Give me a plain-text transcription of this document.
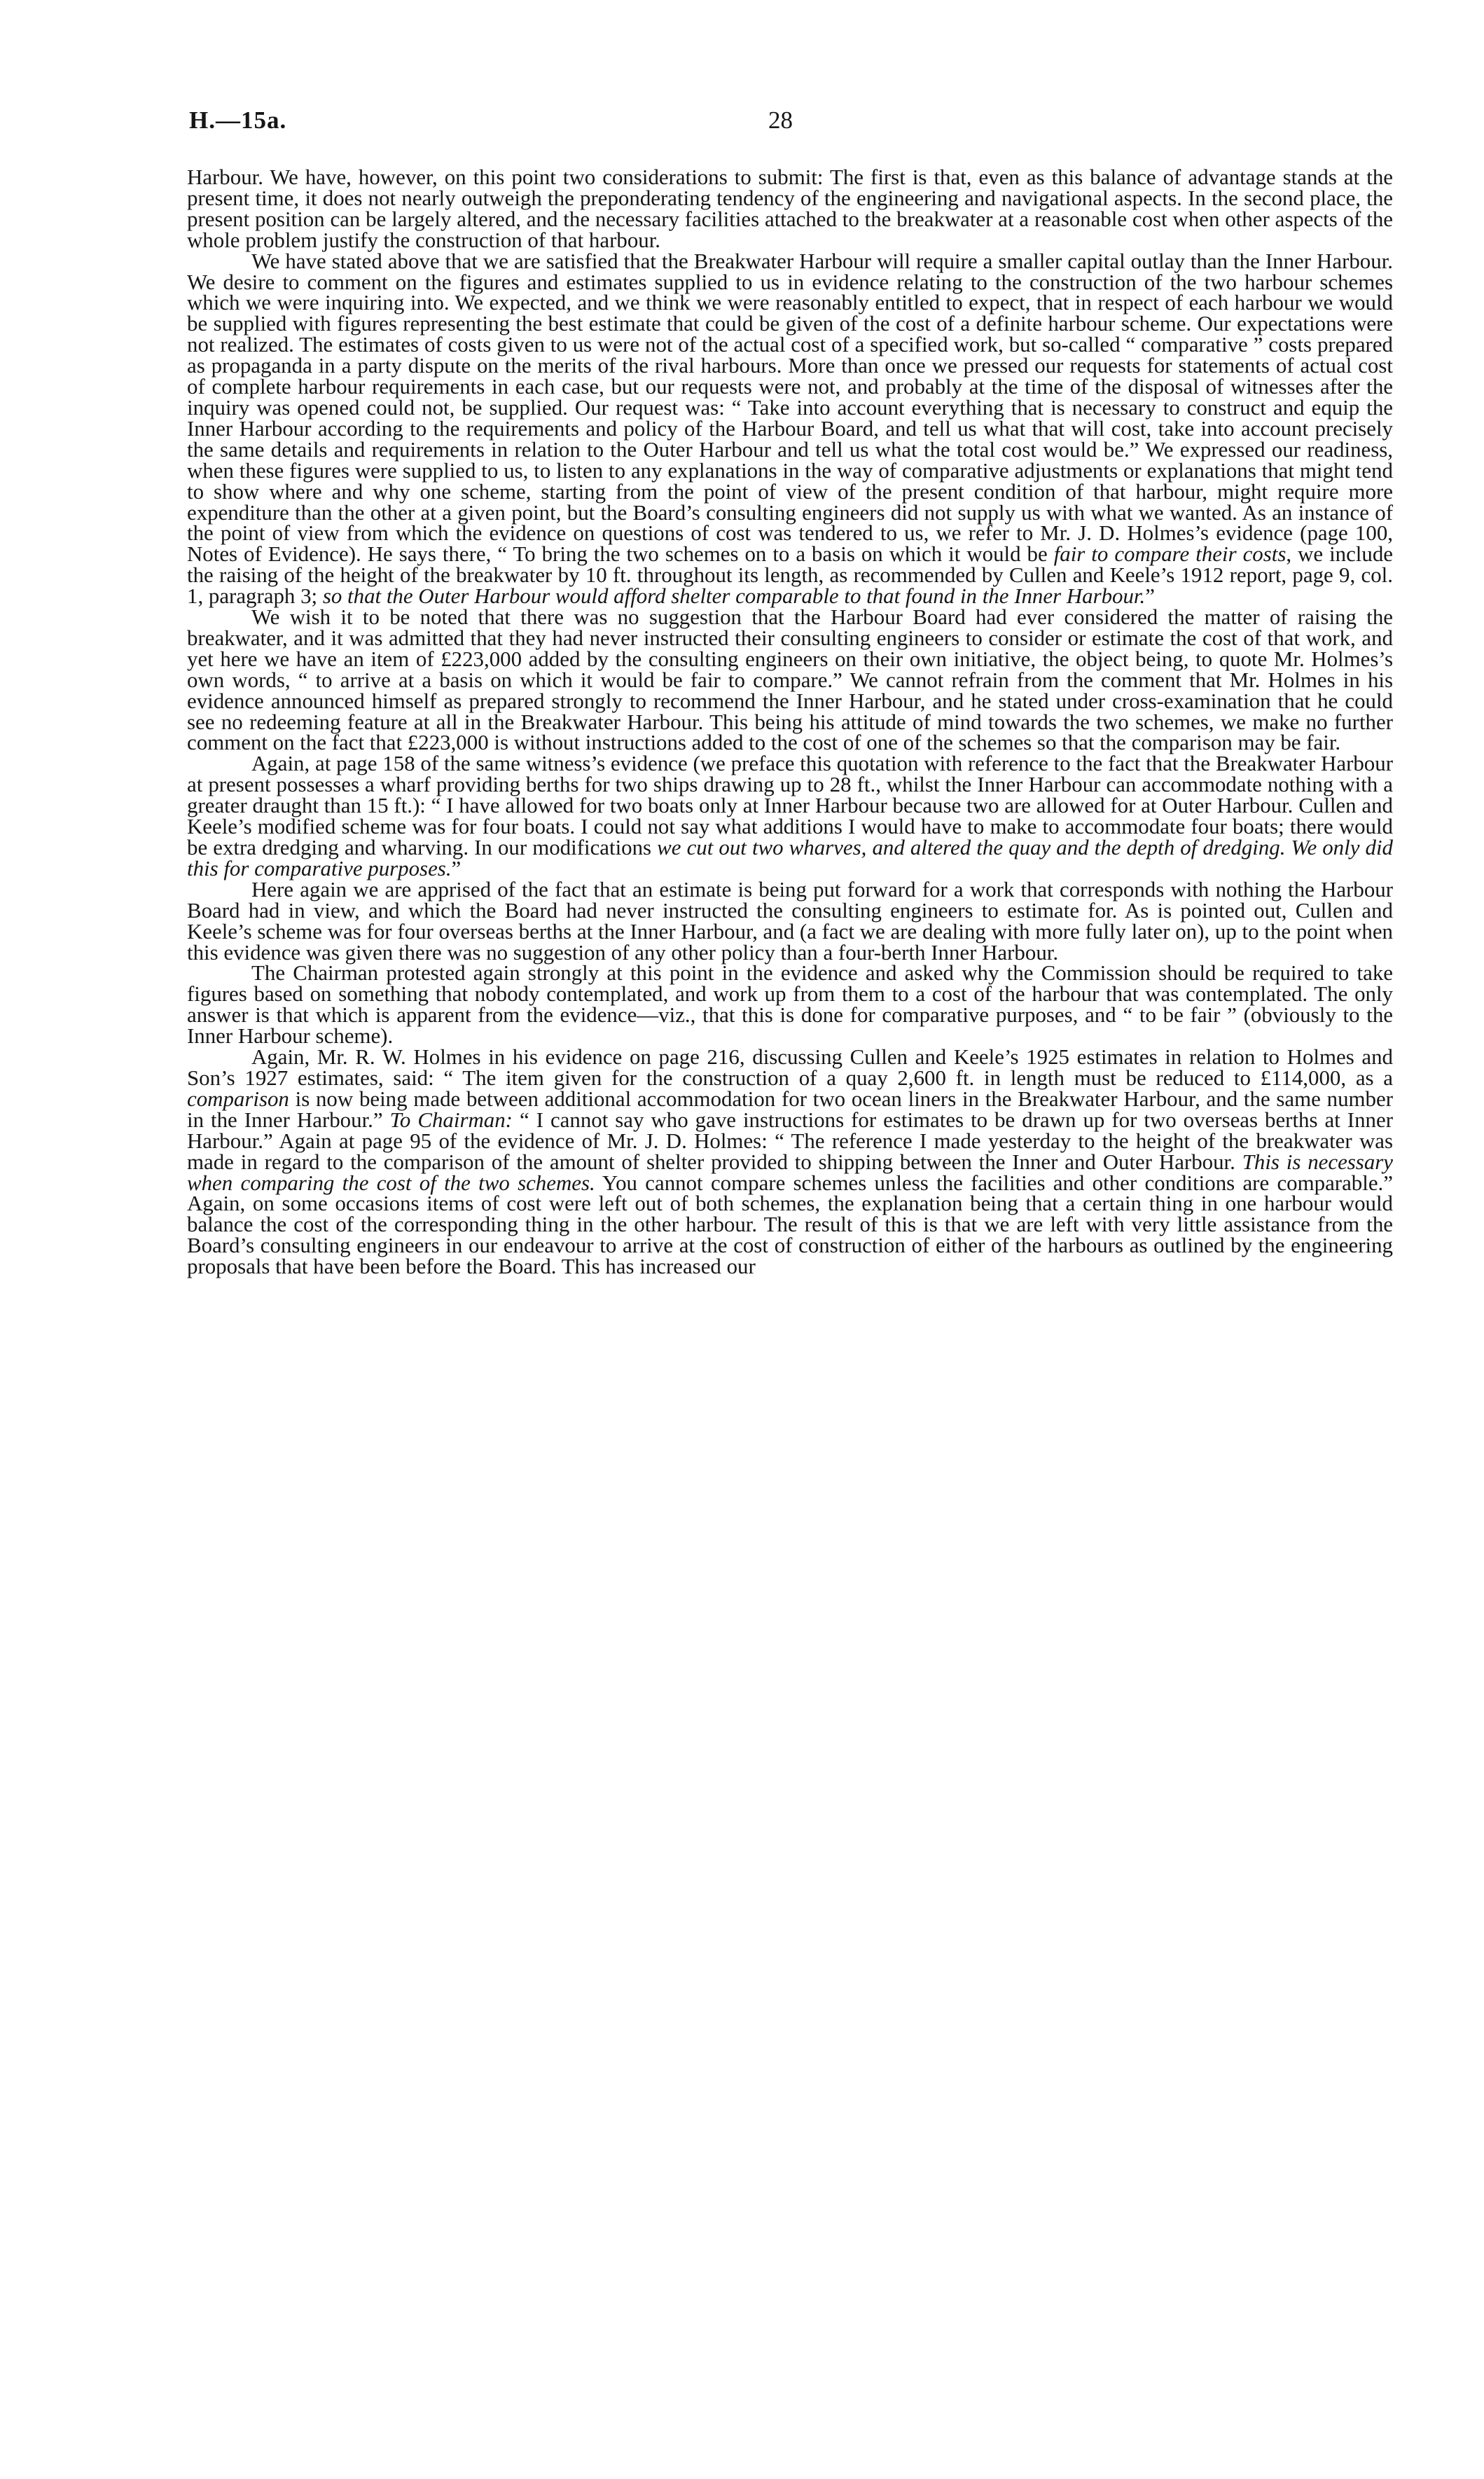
H.—15a.	28

Harbour. We have, however, on this point two considerations to submit: The first is that, even as this balance of advantage stands at the present time, it does not nearly outweigh the preponderating tendency of the engineering and navigational aspects. In the second place, the present position can be largely altered, and the necessary facilities attached to the breakwater at a reasonable cost when other aspects of the whole problem justify the construction of that harbour.

We have stated above that we are satisfied that the Breakwater Harbour will require a smaller capital outlay than the Inner Harbour. We desire to comment on the figures and estimates supplied to us in evidence relating to the construction of the two harbour schemes which we were inquiring into. We expected, and we think we were reasonably entitled to expect, that in respect of each harbour we would be supplied with figures representing the best estimate that could be given of the cost of a definite harbour scheme. Our expectations were not realized. The estimates of costs given to us were not of the actual cost of a specified work, but so-called “ comparative ” costs prepared as propaganda in a party dispute on the merits of the rival harbours. More than once we pressed our requests for statements of actual cost of complete harbour requirements in each case, but our requests were not, and probably at the time of the disposal of witnesses after the inquiry was opened could not, be supplied. Our request was: “ Take into account everything that is necessary to construct and equip the Inner Harbour according to the requirements and policy of the Harbour Board, and tell us what that will cost, take into account precisely the same details and requirements in relation to the Outer Harbour and tell us what the total cost would be.” We expressed our readiness, when these figures were supplied to us, to listen to any explanations in the way of comparative adjustments or explanations that might tend to show where and why one scheme, starting from the point of view of the present condition of that harbour, might require more expenditure than the other at a given point, but the Board’s consulting engineers did not supply us with what we wanted. As an instance of the point of view from which the evidence on questions of cost was tendered to us, we refer to Mr. J. D. Holmes’s evidence (page 100, Notes of Evidence). He says there, “ To bring the two schemes on to a basis on which it would be fair to compare their costs, we include the raising of the height of the breakwater by 10 ft. throughout its length, as recommended by Cullen and Keele’s 1912 report, page 9, col. 1, paragraph 3; so that the Outer Harbour would afford shelter comparable to that found in the Inner Harbour.”

We wish it to be noted that there was no suggestion that the Harbour Board had ever considered the matter of raising the breakwater, and it was admitted that they had never instructed their consulting engineers to consider or estimate the cost of that work, and yet here we have an item of £223,000 added by the consulting engineers on their own initiative, the object being, to quote Mr. Holmes’s own words, “ to arrive at a basis on which it would be fair to compare.” We cannot refrain from the comment that Mr. Holmes in his evidence announced himself as prepared strongly to recommend the Inner Harbour, and he stated under cross-examination that he could see no redeeming feature at all in the Breakwater Harbour. This being his attitude of mind towards the two schemes, we make no further comment on the fact that £223,000 is without instructions added to the cost of one of the schemes so that the comparison may be fair.

Again, at page 158 of the same witness’s evidence (we preface this quotation with reference to the fact that the Breakwater Harbour at present possesses a wharf providing berths for two ships drawing up to 28 ft., whilst the Inner Harbour can accommodate nothing with a greater draught than 15 ft.): “ I have allowed for two boats only at Inner Harbour because two are allowed for at Outer Harbour. Cullen and Keele’s modified scheme was for four boats. I could not say what additions I would have to make to accommodate four boats; there would be extra dredging and wharving. In our modifications we cut out two wharves, and altered the quay and the depth of dredging. We only did this for comparative purposes.”

Here again we are apprised of the fact that an estimate is being put forward for a work that corresponds with nothing the Harbour Board had in view, and which the Board had never instructed the consulting engineers to estimate for. As is pointed out, Cullen and Keele’s scheme was for four overseas berths at the Inner Harbour, and (a fact we are dealing with more fully later on), up to the point when this evidence was given there was no suggestion of any other policy than a four-berth Inner Harbour.

The Chairman protested again strongly at this point in the evidence and asked why the Commission should be required to take figures based on something that nobody contemplated, and work up from them to a cost of the harbour that was contemplated. The only answer is that which is apparent from the evidence—viz., that this is done for comparative purposes, and “ to be fair ” (obviously to the Inner Harbour scheme).

Again, Mr. R. W. Holmes in his evidence on page 216, discussing Cullen and Keele’s 1925 estimates in relation to Holmes and Son’s 1927 estimates, said: “ The item given for the construction of a quay 2,600 ft. in length must be reduced to £114,000, as a comparison is now being made between additional accommodation for two ocean liners in the Breakwater Harbour, and the same number in the Inner Harbour.” To Chairman: “ I cannot say who gave instructions for estimates to be drawn up for two overseas berths at Inner Harbour.” Again at page 95 of the evidence of Mr. J. D. Holmes: “ The reference I made yesterday to the height of the breakwater was made in regard to the comparison of the amount of shelter provided to shipping between the Inner and Outer Harbour. This is necessary when comparing the cost of the two schemes. You cannot compare schemes unless the facilities and other conditions are comparable.” Again, on some occasions items of cost were left out of both schemes, the explanation being that a certain thing in one harbour would balance the cost of the corresponding thing in the other harbour. The result of this is that we are left with very little assistance from the Board’s consulting engineers in our endeavour to arrive at the cost of construction of either of the harbours as outlined by the engineering proposals that have been before the Board. This has increased our
